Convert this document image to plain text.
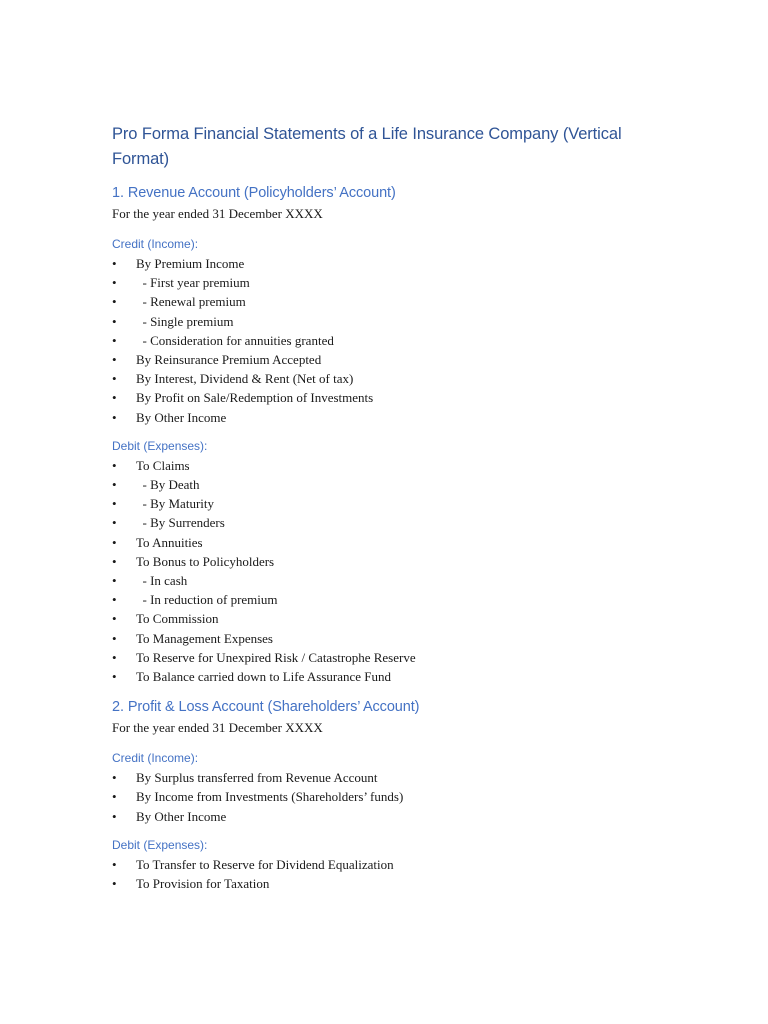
Pro Forma Financial Statements of a Life Insurance Company (Vertical Format)
1. Revenue Account (Policyholders’ Account)
For the year ended 31 December XXXX
Credit (Income):
• By Premium Income
• - First year premium
• - Renewal premium
• - Single premium
• - Consideration for annuities granted
• By Reinsurance Premium Accepted
• By Interest, Dividend & Rent (Net of tax)
• By Profit on Sale/Redemption of Investments
• By Other Income
Debit (Expenses):
• To Claims
• - By Death
• - By Maturity
• - By Surrenders
• To Annuities
• To Bonus to Policyholders
• - In cash
• - In reduction of premium
• To Commission
• To Management Expenses
• To Reserve for Unexpired Risk / Catastrophe Reserve
• To Balance carried down to Life Assurance Fund
2. Profit & Loss Account (Shareholders’ Account)
For the year ended 31 December XXXX
Credit (Income):
• By Surplus transferred from Revenue Account
• By Income from Investments (Shareholders’ funds)
• By Other Income
Debit (Expenses):
• To Transfer to Reserve for Dividend Equalization
• To Provision for Taxation
